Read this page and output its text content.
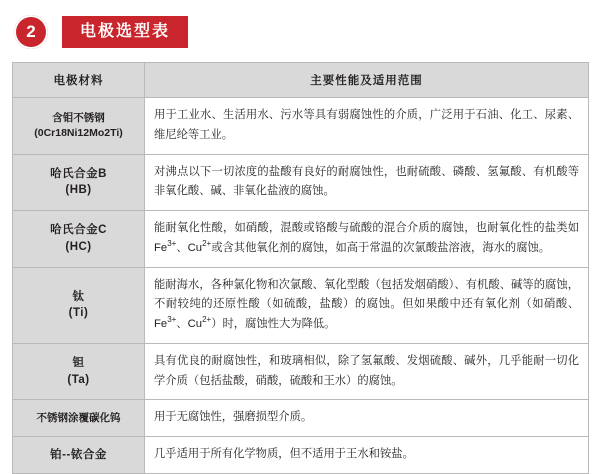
2	电极选型表
电极材料	主要性能及适用范围

含钼不锈钢
(0Cr18Ni12Mo2Ti)	用于工业水、生活用水、污水等具有弱腐蚀性的介质，广泛用于石油、化工、尿素、维尼纶等工业。

哈氏合金B
(HB)	对沸点以下一切浓度的盐酸有良好的耐腐蚀性，也耐硫酸、磷酸、氢氟酸、有机酸等非氧化酸、碱、非氧化盐液的腐蚀。

哈氏合金C
(HC)	能耐氧化性酸，如硝酸，混酸或铬酸与硫酸的混合介质的腐蚀，也耐氧化性的盐类如$Fe^{3+}$、$Cu^{2+}$或含其他氧化剂的腐蚀，如高于常温的次氯酸盐溶液，海水的腐蚀。

钛
(Ti)	能耐海水，各种氯化物和次氯酸、氧化型酸（包括发烟硝酸）、有机酸、碱等的腐蚀，不耐较纯的还原性酸（如硫酸，盐酸）的腐蚀。但如果酸中还有氧化剂（如硝酸、$Fe^{3+}$、$Cu^{2+}$）时，腐蚀性大为降低。

钽
(Ta)	具有优良的耐腐蚀性，和玻璃相似，除了氢氟酸、发烟硫酸、碱外，几乎能耐一切化学介质（包括盐酸，硝酸，硫酸和王水）的腐蚀。

不锈钢涂覆碳化钨	用于无腐蚀性，强磨损型介质。

铂--铱合金	几乎适用于所有化学物质，但不适用于王水和铵盐。
